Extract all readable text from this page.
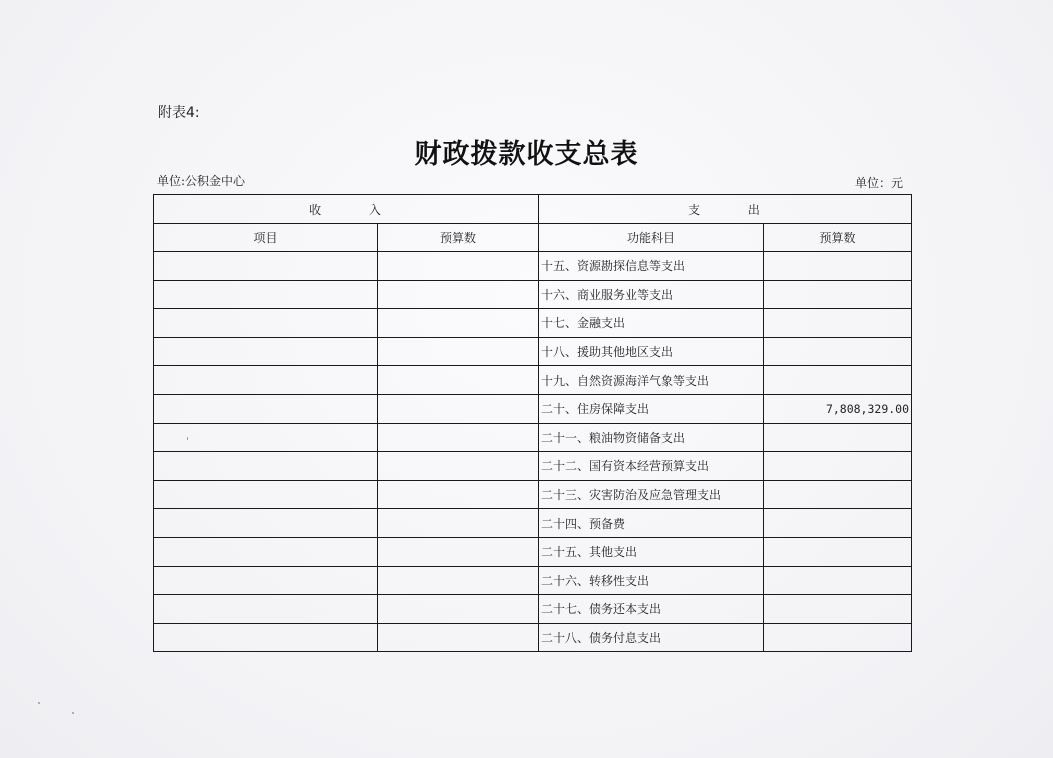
附表4:
财政拨款收支总表
单位:公积金中心	单位：元
收 入		支 出	
项目	预算数	功能科目	预算数
		十五、资源勘探信息等支出	
		十六、商业服务业等支出	
		十七、金融支出	
		十八、援助其他地区支出	
		十九、自然资源海洋气象等支出	
		二十、住房保障支出	7,808,329.00
		二十一、粮油物资储备支出	
		二十二、国有资本经营预算支出	
		二十三、灾害防治及应急管理支出	
		二十四、预备费	
		二十五、其他支出	
		二十六、转移性支出	
		二十七、债务还本支出	
		二十八、债务付息支出	
